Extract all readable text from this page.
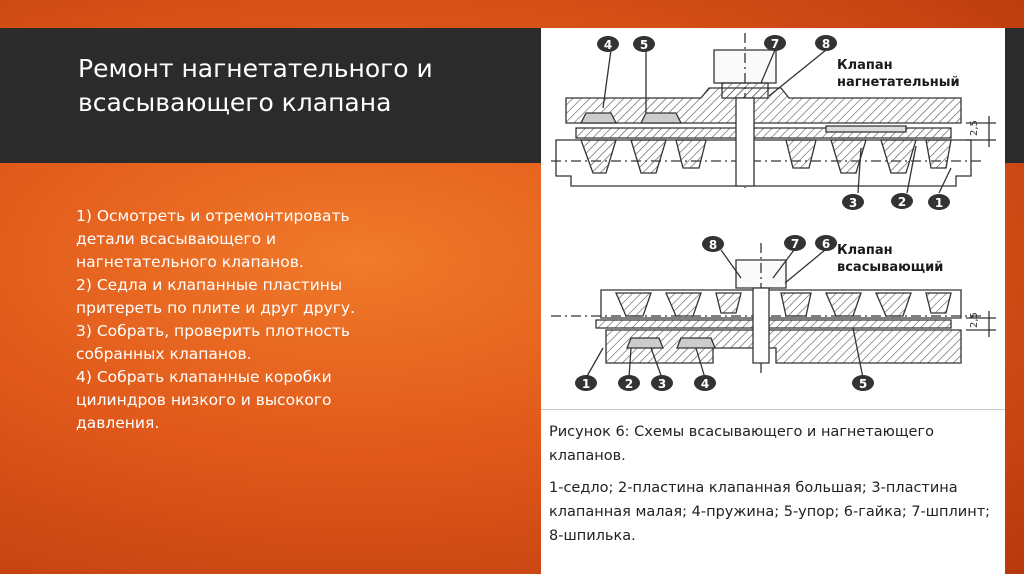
Ремонт нагнетательного и
всасывающего клапана
1) Осмотреть и отремонтировать детали всасывающего и нагнетательного клапанов.
2) Седла и клапанные пластины притереть по плите и друг другу.
3) Собрать, проверить плотность собранных клапанов.
4) Собрать клапанные коробки цилиндров низкого и высокого давления.
4 5	7	8
3	2 1
2,5
8	7 6
1	2 3	4	5
2,5
Клапан
нагнетательный
Клапан
всасывающий

Рисунок 6: Схемы всасывающего и нагнетающего клапанов.

1-седло; 2-пластина клапанная большая; 3-пластина клапанная малая; 4-пружина; 5-упор; 6-гайка; 7-шплинт; 8-шпилька.
